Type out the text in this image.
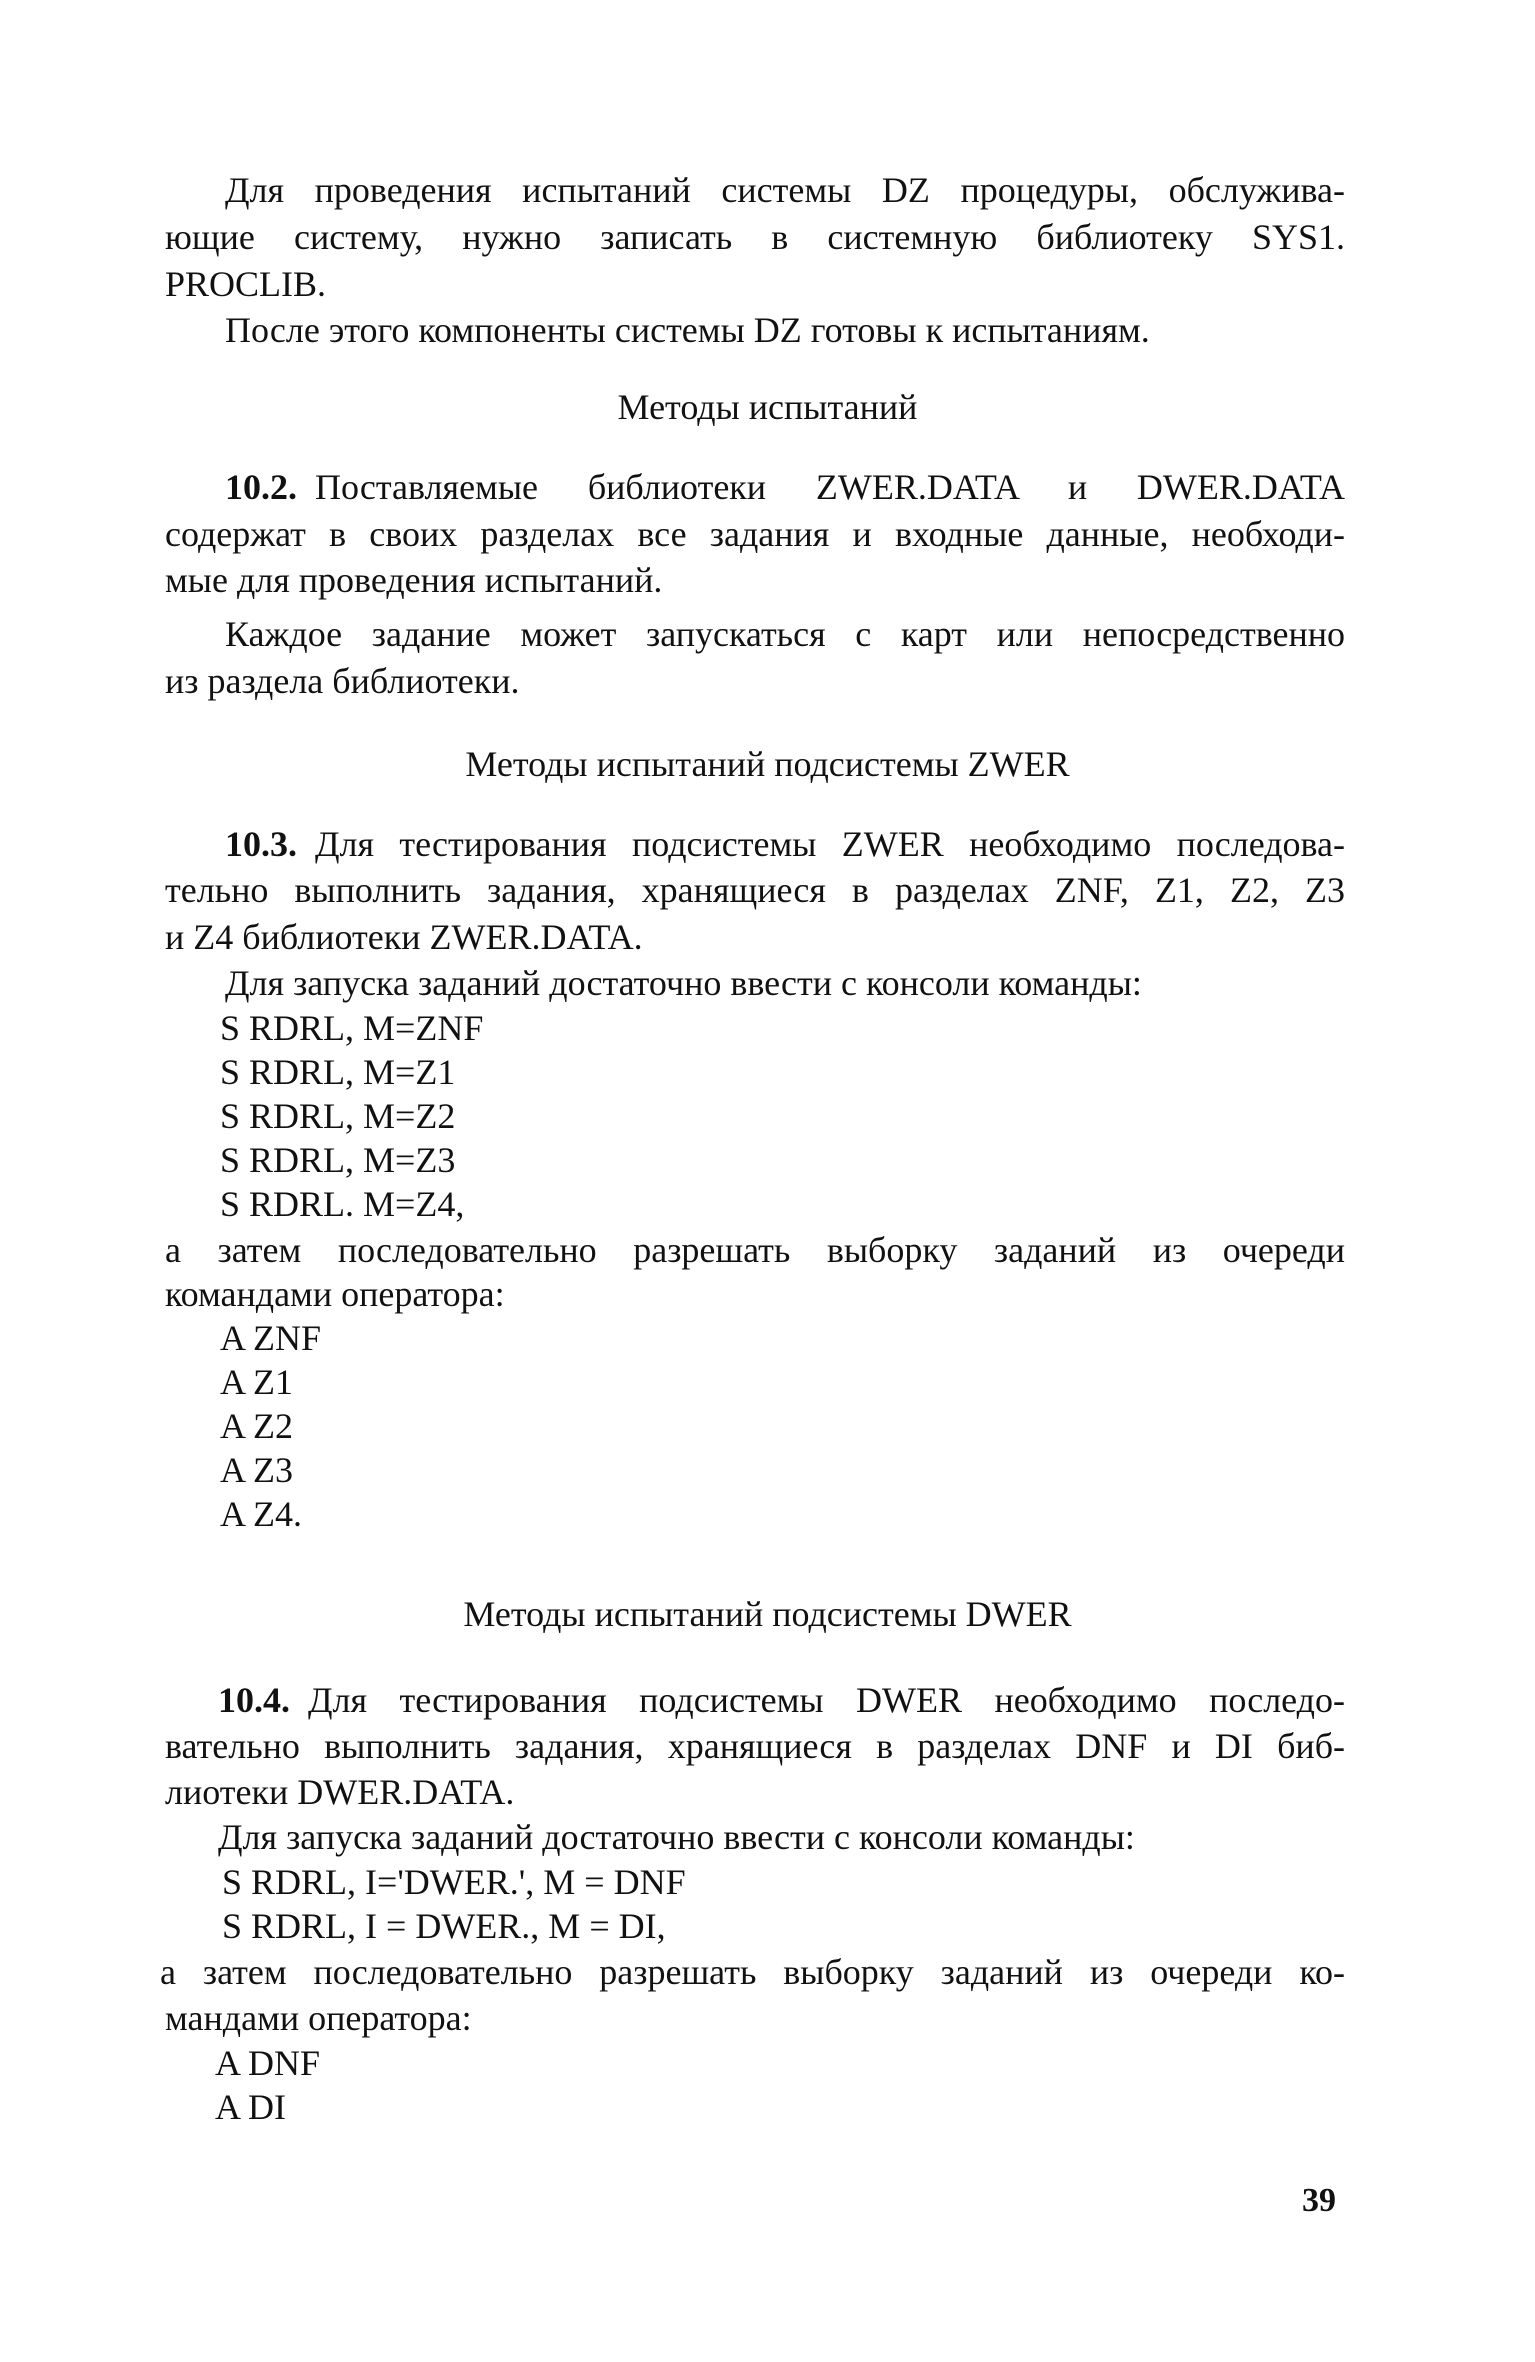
Для проведения испытаний системы DZ процедуры, обслужива-
ющие систему, нужно записать в системную библиотеку SYS1.
PROCLIB.
После этого компоненты системы DZ готовы к испытаниям.
Методы испытаний
10.2. Поставляемые библиотеки ZWER.DATA и DWER.DATA
содержат в своих разделах все задания и входные данные, необходи-
мые для проведения испытаний.
Каждое задание может запускаться с карт или непосредственно
из раздела библиотеки.
Методы испытаний подсистемы ZWER
10.3. Для тестирования подсистемы ZWER необходимо последова-
тельно выполнить задания, хранящиеся в разделах ZNF, Z1, Z2, Z3
и Z4 библиотеки ZWER.DATA.
Для запуска заданий достаточно ввести с консоли команды:
S RDRL, M=ZNF
S RDRL, M=Z1
S RDRL, M=Z2
S RDRL, M=Z3
S RDRL. M=Z4,
а затем последовательно разрешать выборку заданий из очереди
командами оператора:
A ZNF
A Z1
A Z2
A Z3
A Z4.
Методы испытаний подсистемы DWER
10.4. Для тестирования подсистемы DWER необходимо последо-
вательно выполнить задания, хранящиеся в разделах DNF и DI биб-
лиотеки DWER.DATA.
Для запуска заданий достаточно ввести с консоли команды:
S RDRL, I='DWER.', M = DNF
S RDRL, I = DWER., M = DI,
а затем последовательно разрешать выборку заданий из очереди ко-
мандами оператора:
A DNF
A DI
39
